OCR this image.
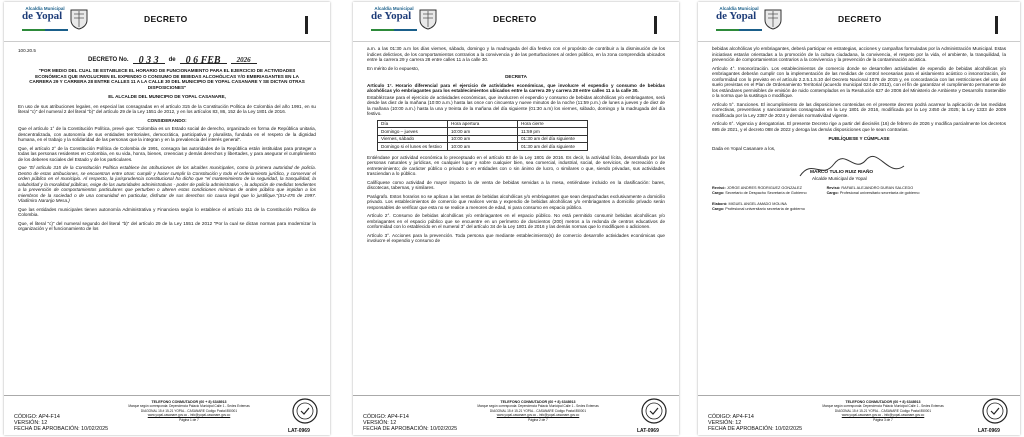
Alcaldía Municipal
de Yopal	DECRETO

100.20.5

DECRETO No.	0 3 3	de	0 6 FEB	2026

"POR MEDIO DEL CUAL SE ESTABLECE EL HORARIO DE FUNCIONAMIENTO PARA EL EJERCICIO DE ACTIVIDADES ECONÓMICAS QUE INVOLUCREN EL EXPENDIO O CONSUMO DE BEBIDAS ALCOHÓLICAS Y/O EMBRIAGANTES EN LA CARRERA 29 Y CARRERA 28 ENTRE CALLES 11 A LA CALLE 30 DEL MUNICIPIO DE YOPAL CASANARE Y SE DICTAN OTRAS DISPOSICIONES"

EL ALCALDE DEL MUNICIPIO DE YOPAL CASANARE,

En uso de sus atribuciones legales, en especial las consagradas en el artículo 315 de la Constitución Política de Colombia del año 1991, en su literal "c)" del numeral 2 del literal "b)" del artículo 29 de la Ley 1551 de 2012, y en los artículos 83, 86, 152 de la Ley 1801 de 2016.

CONSIDERANDO:

Que el artículo 1° de la Constitución Política, prevé que: "Colombia es un Estado social de derecho, organizado en forma de República unitaria, descentralizada, con autonomía de sus entidades territoriales, democrática, participativa y pluralista, fundada en el respeto de la dignidad humana, en el trabajo y la solidaridad de las personas que la integran y en la prevalencia del interés general".

Que, el artículo 2° de la Constitución Política de Colombia de 1991, consagra las autoridades de la República están instituidas para proteger a todas las personas residentes en Colombia, en su vida, honra, bienes, creencias y demás derechos y libertades, y para asegurar el cumplimiento de los deberes sociales del Estado y de los particulares.

Que "El artículo 315 de la Constitución Política establece las atribuciones de los alcaldes municipales, como la primera autoridad de policía. Dentro de estas atribuciones, se encuentran entre otras: cumplir y hacer cumplir la Constitución y todo el ordenamiento jurídico, y conservar el orden público en el municipio. Al respecto, la jurisprudencia constitucional ha dicho que "el mantenimiento de la seguridad, la tranquilidad, la salubridad y la moralidad públicas, exige de las autoridades administrativas - poder de policía administrativo -, la adopción de medidas tendientes a la prevención de comportamientos particulares que perturben o alteren estas condiciones mínimas de orden público que impidan a los miembros de la sociedad o de una comunidad en particular, disfrutar de sus derechos sin causa legal que lo justifique."(SU-476 de 1997. Vladimiro Naranjo Mesa.)

Que las entidades municipales tienen autonomía Administrativa y Financiera según lo establece el artículo 311 de la Constitución Política de Colombia.

Que, el literal "c)" del numeral segundo del literal "b)" del artículo 29 de la Ley 1551 de 2012 "Por la cual se dictan normas para modernizar la organización y el funcionamiento de los

CÓDIGO: AP4-F14
VERSIÓN: 12
FECHA DE APROBACIÓN: 10/02/2025
TELEFONO CONMUTADOR (60 + 8) 6348913
Marque según corresponda: Dependencia Palacio Municipal Calle 1 - Sedes Externas
DIAGONAL 15 # 15-21 YOPAL - CASANARE Código Postal 850001
www.yopal-casanare.gov.co - info@yopal-casanare.gov.co
Página 1 de 7
LAT-0969
Alcaldía Municipal
de Yopal	DECRETO

a.m. a las 01:30 a.m los días viernes, sábado, domingo y la madrugada del día festivo con el propósito de contribuir a la disminución de los índices delictivos, de los comportamientos contrarios a la convivencia y de las perturbaciones al orden público, en la zona comprendida ubicados entre la carrera 29 y carrera 28 entre calles 11 a la calle 30.

En mérito de lo expuesto,

DECRETA

Artículo 1°. Horario diferencial para el ejercicio de actividades económicas, que involucre el expendio y consumo de bebidas alcohólicas y/o embriagantes para los establecimientos ubicados entre la carrera 29 y carrera 28 entre calles 11 a la calle 30.

Establézcase para el ejercicio de actividades económicas, que involucren el expendio y consumo de bebidas alcohólicas y/o embriagantes, será desde las diez de la mañana (10:00 a.m.) hasta las once con cincuenta y nueve minutos de la noche (11:59 p.m.) de lunes a jueves y de diez de la mañana (10:00 a.m.) hasta la una y treinta de la mañana del día siguiente (01:30 a.m) los viernes, sábado, domingo y la madrugada del día festivo.

Día	Hora apertura	Hora cierre
Domingo – jueves	10:00 am	11:59 pm
Viernes, sábado	10:00 am	01:30 am del día siguiente
Domingo si el lunes es festivo	10:00 am	01:30 am del día siguiente

Entiéndase por actividad económica lo preceptuado en el artículo 83 de la Ley 1801 de 2016. Es decir, la actividad lícita, desarrollada por las personas naturales y jurídicas, en cualquier lugar y sobre cualquier bien, sea comercial, industrial, social, de servicios, de recreación o de entretenimiento; de carácter público o privado o en entidades con o sin ánimo de lucro, o similares o que, siendo privadas, sus actividades trasciendan a lo público.

Califíquese como actividad de mayor impacto la de venta de bebidas servidas a la mesa, entiéndase incluido en la clasificación: bares, discotecas, tabernas, y similares.

Parágrafo. Estos horarios no se aplican a las ventas de bebidas alcohólicas y/o embriagantes que sean despachadas exclusivamente a domicilio privado. Los establecimientos de comercio que realicen venta y expendio de bebidas alcohólicas y/o embriagantes a domicilio privado serán responsables de verificar que esta no se realice a menores de edad, ni para consumo en espacio público.

Artículo 2°. Consumo de bebidas alcohólicas y/o embriagantes en el espacio público. No está permitido consumir bebidas alcohólicas y/o embriagantes en el espacio público que se encuentre en un perímetro de doscientos (200) metros a la redonda de centros educativos de conformidad con lo establecido en el numeral 3° del artículo 34 de la Ley 1801 de 2016 y las demás normas que lo modifiquen o adicionen.

Artículo 3°. Acciones para la prevención. Toda persona que mediante establecimiento(s) de comercio desarrolle actividades económicas que involucre el expendio y consumo de

CÓDIGO: AP4-F14
VERSIÓN: 12
FECHA DE APROBACIÓN: 10/02/2025
TELEFONO CONMUTADOR (60 + 8) 6348913
Marque según corresponda: Dependencia Palacio Municipal Calle 1 - Sedes Externas
DIAGONAL 15 # 15-21 YOPAL - CASANARE Código Postal 850001
www.yopal-casanare.gov.co - info@yopal-casanare.gov.co
Página 2 de 7
LAT-0969
Alcaldía Municipal
de Yopal	DECRETO

bebidas alcohólicas y/o embriagantes, deberá participar en estrategias, acciones y campañas formuladas por la Administración Municipal. Estas iniciativas estarán orientadas a la promoción de la cultura ciudadana, la convivencia, el respeto por la vida, el ambiente, la tranquilidad, la prevención de comportamientos contrarios a la convivencia y la prevención de la contaminación acústica.

Artículo 4°. Insonorización. Los establecimientos de comercio donde se desarrollen actividades de expendio de bebidas alcohólicas y/o embriagantes deberán cumplir con la implementación de las medidas de control necesarias para el aislamiento acústico o insonorización, de conformidad con lo previsto en el artículo 2.2.5.1.5.10 del Decreto Nacional 1076 de 2015 y, en concordancia con las restricciones del uso del suelo previstas en el Plan de Ordenamiento Territorial (acuerdo municipal 024 de 2013), con el fin de garantizar el cumplimiento permanente de los estándares permisibles de emisión de ruido contemplados en la Resolución 627 de 2006 del Ministerio de Ambiente y Desarrollo Sostenible o la norma que la sustituya o modifique.

Artículo 5°. Sanciones. El incumplimiento de las disposiciones contenidas en el presente decreto podrá acarrear la aplicación de las medidas correctivas, preventivas y sancionatorias consagradas en la Ley 1801 de 2016, modificada por la Ley 2450 de 2025; la Ley 1333 de 2009 modificada por la Ley 2387 de 2024 y demás normatividad vigente.

Artículo 6°. Vigencia y derogatorias. El presente Decreto rige a partir del dieciséis (16) de febrero de 2026 y modifica parcialmente los decretos 695 de 2021, y el decreto 088 de 2022 y deroga las demás disposiciones que le sean contrarias.

PUBLÍQUESE Y CÚMPLASE

Dada en Yopal Casanare a los,

MARCO TULIO RUIZ RIAÑO
Alcalde Municipal de Yopal
Revisó: JORGE ANDRES RODRIGUEZ GONZALEZ
Cargo: Secretario de Despacho Secretaría de Gobierno
Revisó: RAFAEL ALEJANDRO DURAN SALCEDO
Cargo: Profesional universitario secretaría de gobierno
Elaboró: MIGUEL ANGEL AMADO MOLINA
Cargo: Profesional universitario secretaría de gobierno
CÓDIGO: AP4-F14
VERSIÓN: 12
FECHA DE APROBACIÓN: 10/02/2025
TELEFONO CONMUTADOR (60 + 8) 6348913
Marque según corresponda: Dependencia Palacio Municipal Calle 1 - Sedes Externas
DIAGONAL 15 # 15-21 YOPAL - CASANARE Código Postal 850001
www.yopal-casanare.gov.co - info@yopal-casanare.gov.co
Página 3 de 7
LAT-0969
